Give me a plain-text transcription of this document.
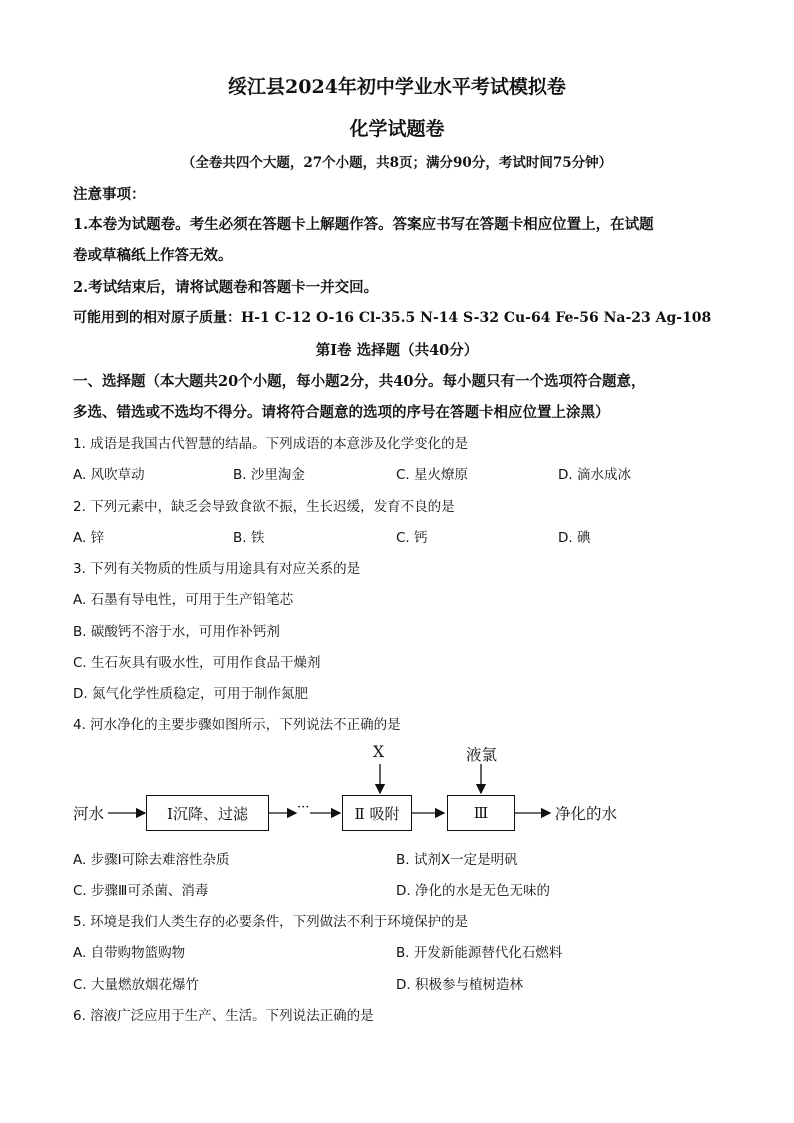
绥江县2024年初中学业水平考试模拟卷
化学试题卷
（全卷共四个大题，27个小题，共8页；满分90分，考试时间75分钟）
注意事项：
1.本卷为试题卷。考生必须在答题卡上解题作答。答案应书写在答题卡相应位置上，在试题
卷或草稿纸上作答无效。
2.考试结束后，请将试题卷和答题卡一并交回。
可能用到的相对原子质量：H-1 C-12 O-16 Cl-35.5 N-14 S-32 Cu-64 Fe-56 Na-23 Ag-108
第Ⅰ卷 选择题（共40分）
一、选择题（本大题共20个小题，每小题2分，共40分。每小题只有一个选项符合题意，
多选、错选或不选均不得分。请将符合题意的选项的序号在答题卡相应位置上涂黑）
1. 成语是我国古代智慧的结晶。下列成语的本意涉及化学变化的是
A. 风吹草动	B. 沙里淘金	C. 星火燎原	D. 滴水成冰
2. 下列元素中，缺乏会导致食欲不振，生长迟缓，发育不良的是
A. 锌	B. 铁	C. 钙	D. 碘
3. 下列有关物质的性质与用途具有对应关系的是
A. 石墨有导电性，可用于生产铅笔芯
B. 碳酸钙不溶于水，可用作补钙剂
C. 生石灰具有吸水性，可用作食品干燥剂
D. 氮气化学性质稳定，可用于制作氮肥
4. 河水净化的主要步骤如图所示，下列说法不正确的是
河水	Ⅰ沉降、过滤	···	Ⅱ 吸附	Ⅲ
X	液氯
净化的水
A. 步骤Ⅰ可除去难溶性杂质	B. 试剂X一定是明矾
C. 步骤Ⅲ可杀菌、消毒	D. 净化的水是无色无味的
5. 环境是我们人类生存的必要条件，下列做法不利于环境保护的是
A. 自带购物篮购物	B. 开发新能源替代化石燃料
C. 大量燃放烟花爆竹	D. 积极参与植树造林
6. 溶液广泛应用于生产、生活。下列说法正确的是
